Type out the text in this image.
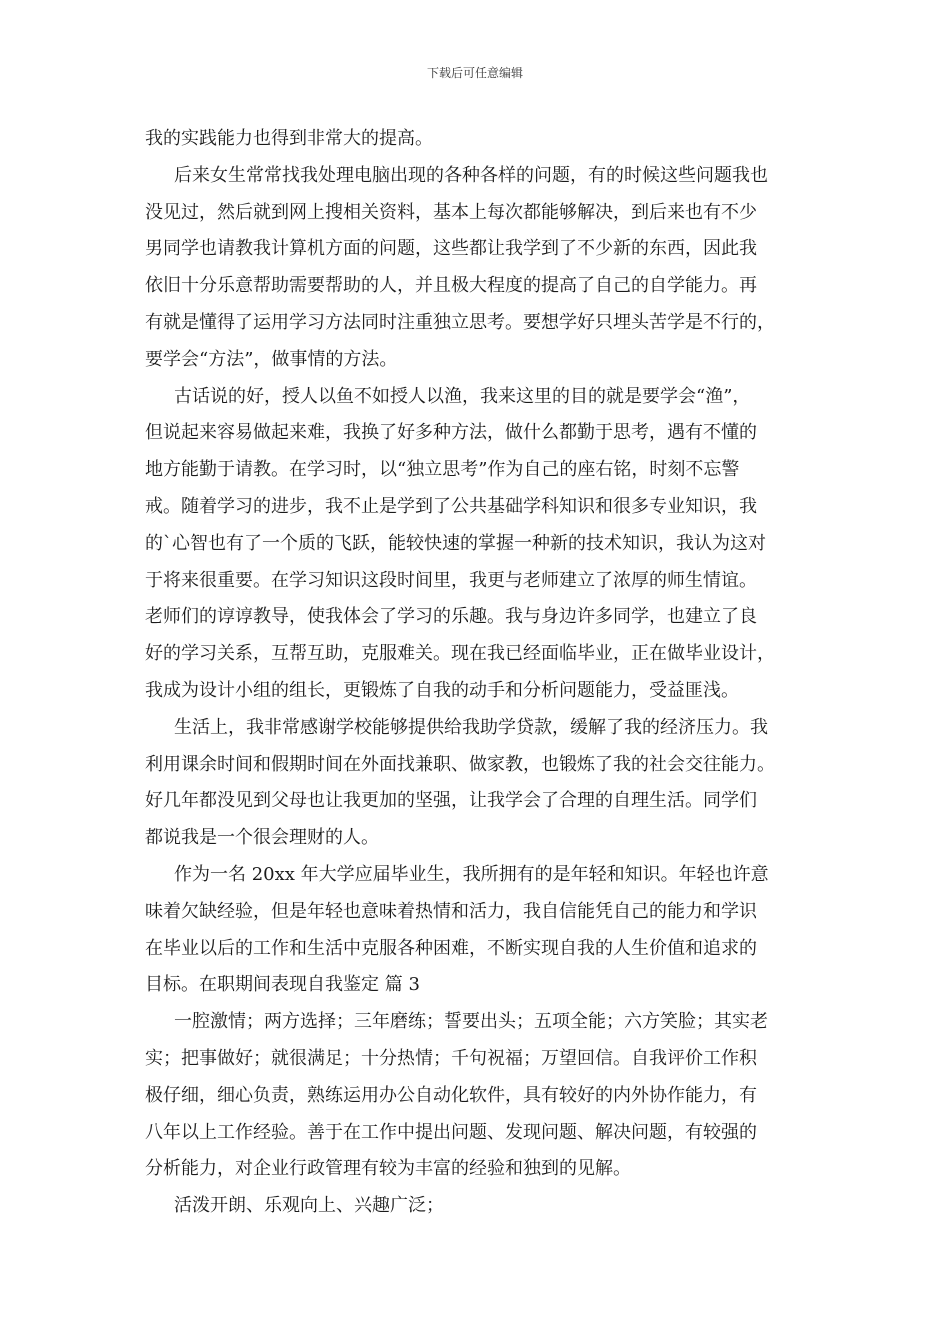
下载后可任意编辑
我的实践能力也得到非常大的提高。
后来女生常常找我处理电脑出现的各种各样的问题，有的时候这些问题我也
没见过，然后就到网上搜相关资料，基本上每次都能够解决，到后来也有不少
男同学也请教我计算机方面的问题，这些都让我学到了不少新的东西，因此我
依旧十分乐意帮助需要帮助的人，并且极大程度的提高了自己的自学能力。再
有就是懂得了运用学习方法同时注重独立思考。要想学好只埋头苦学是不行的，
要学会“方法”，做事情的方法。
古话说的好，授人以鱼不如授人以渔，我来这里的目的就是要学会“渔”，
但说起来容易做起来难，我换了好多种方法，做什么都勤于思考，遇有不懂的
地方能勤于请教。在学习时，以“独立思考”作为自己的座右铭，时刻不忘警
戒。随着学习的进步，我不止是学到了公共基础学科知识和很多专业知识，我
的`心智也有了一个质的飞跃，能较快速的掌握一种新的技术知识，我认为这对
于将来很重要。在学习知识这段时间里，我更与老师建立了浓厚的师生情谊。
老师们的谆谆教导，使我体会了学习的乐趣。我与身边许多同学，也建立了良
好的学习关系，互帮互助，克服难关。现在我已经面临毕业，正在做毕业设计，
我成为设计小组的组长，更锻炼了自我的动手和分析问题能力，受益匪浅。
生活上，我非常感谢学校能够提供给我助学贷款，缓解了我的经济压力。我
利用课余时间和假期时间在外面找兼职、做家教，也锻炼了我的社会交往能力。
好几年都没见到父母也让我更加的坚强，让我学会了合理的自理生活。同学们
都说我是一个很会理财的人。
作为一名 20xx 年大学应届毕业生，我所拥有的是年轻和知识。年轻也许意
味着欠缺经验，但是年轻也意味着热情和活力，我自信能凭自己的能力和学识
在毕业以后的工作和生活中克服各种困难，不断实现自我的人生价值和追求的
目标。在职期间表现自我鉴定 篇 3
一腔激情；两方选择；三年磨练；誓要出头；五项全能；六方笑脸；其实老
实；把事做好；就很满足；十分热情；千句祝福；万望回信。自我评价工作积
极仔细，细心负责，熟练运用办公自动化软件，具有较好的内外协作能力，有
八年以上工作经验。善于在工作中提出问题、发现问题、解决问题，有较强的
分析能力，对企业行政管理有较为丰富的经验和独到的见解。
活泼开朗、乐观向上、兴趣广泛；
